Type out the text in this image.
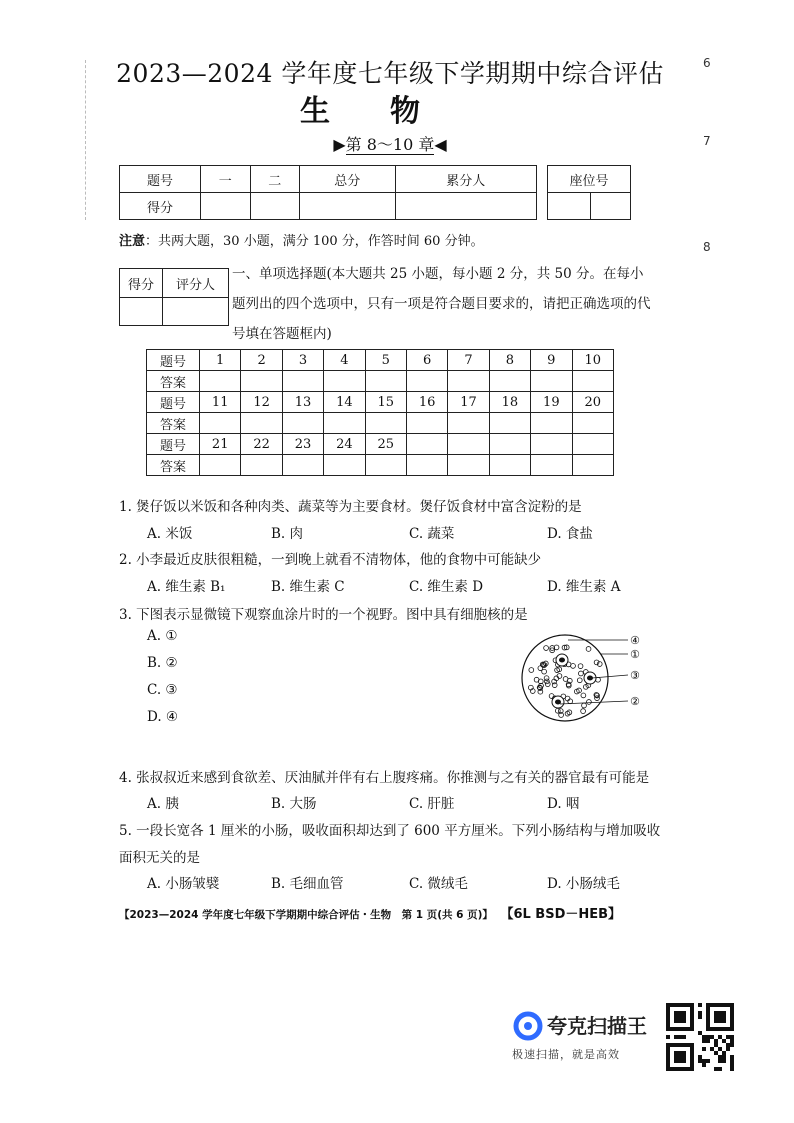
2023—2024 学年度七年级下学期期中综合评估
生物
▶第 8～10 章◀
6
7
8
题号	一	二	总分	累分人
得分				
座位号

注意：共两大题，30 小题，满分 100 分，作答时间 60 分钟。
得分	评分人

一、单项选择题(本大题共 25 小题，每小题 2 分，共 50 分。在每小题列出的四个选项中，只有一项是符合题目要求的，请把正确选项的代号填在答题框内)
题号	1	2	3	4	5	6	7	8	9	10
答案										
题号	11	12	13	14	15	16	17	18	19	20
答案										
题号	21	22	23	24	25					
答案										
1. 煲仔饭以米饭和各种肉类、蔬菜等为主要食材。煲仔饭食材中富含淀粉的是
A. 米饭	B. 肉	C. 蔬菜	D. 食盐
2. 小李最近皮肤很粗糙，一到晚上就看不清物体，他的食物中可能缺少
A. 维生素 B₁	B. 维生素 C	C. 维生素 D	D. 维生素 A
3. 下图表示显微镜下观察血涂片时的一个视野。图中具有细胞核的是
A. ①
B. ②
C. ③
D. ④
4. 张叔叔近来感到食欲差、厌油腻并伴有右上腹疼痛。你推测与之有关的器官最有可能是
A. 胰	B. 大肠	C. 肝脏	D. 咽
5. 一段长宽各 1 厘米的小肠，吸收面积却达到了 600 平方厘米。下列小肠结构与增加吸收面积无关的是
A. 小肠皱襞	B. 毛细血管	C. 微绒毛	D. 小肠绒毛
④
①
③
②
【2023—2024 学年度七年级下学期期中综合评估・生物　第 1 页(共 6 页)】 【6L BSD－HEB】
夸克扫描王
极速扫描，就是高效
